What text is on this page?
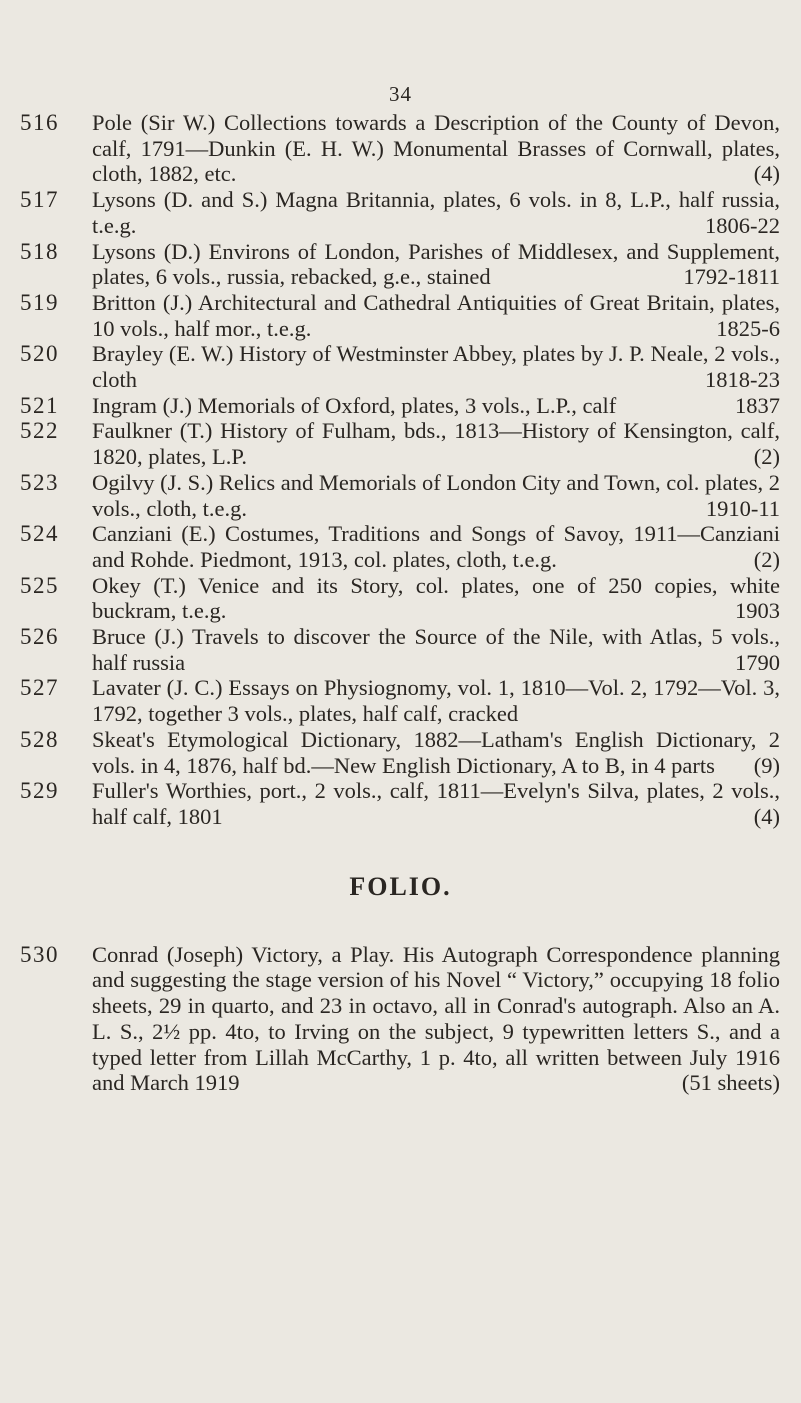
34
516 Pole (Sir W.) Collections towards a Description of the County of Devon, calf, 1791—Dunkin (E. H. W.) Monumental Brasses of Cornwall, plates, cloth, 1882, etc.	(4)
517 Lysons (D. and S.) Magna Britannia, plates, 6 vols. in 8, L.P., half russia, t.e.g.	1806-22
518 Lysons (D.) Environs of London, Parishes of Middlesex, and Supplement, plates, 6 vols., russia, rebacked, g.e., stained	1792-1811
519 Britton (J.) Architectural and Cathedral Antiquities of Great Britain, plates, 10 vols., half mor., t.e.g.	1825-6
520 Brayley (E. W.) History of Westminster Abbey, plates by J. P. Neale, 2 vols., cloth	1818-23
521 Ingram (J.) Memorials of Oxford, plates, 3 vols., L.P., calf	1837
522 Faulkner (T.) History of Fulham, bds., 1813—History of Kensington, calf, 1820, plates, L.P.	(2)
523 Ogilvy (J. S.) Relics and Memorials of London City and Town, col. plates, 2 vols., cloth, t.e.g.	1910-11
524 Canziani (E.) Costumes, Traditions and Songs of Savoy, 1911—Canziani and Rohde. Piedmont, 1913, col. plates, cloth, t.e.g.	(2)
525 Okey (T.) Venice and its Story, col. plates, one of 250 copies, white buckram, t.e.g.	1903
526 Bruce (J.) Travels to discover the Source of the Nile, with Atlas, 5 vols., half russia	1790
527 Lavater (J. C.) Essays on Physiognomy, vol. 1, 1810—Vol. 2, 1792—Vol. 3, 1792, together 3 vols., plates, half calf, cracked
528 Skeat's Etymological Dictionary, 1882—Latham's English Dictionary, 2 vols. in 4, 1876, half bd.—New English Dictionary, A to B, in 4 parts (9)
529 Fuller's Worthies, port., 2 vols., calf, 1811—Evelyn's Silva, plates, 2 vols., half calf, 1801	(4)
FOLIO.
530 Conrad (Joseph) Victory, a Play. His Autograph Correspondence planning and suggesting the stage version of his Novel “ Victory,” occupying 18 folio sheets, 29 in quarto, and 23 in octavo, all in Conrad's autograph. Also an A. L. S., 2½ pp. 4to, to Irving on the subject, 9 typewritten letters S., and a typed letter from Lillah McCarthy, 1 p. 4to, all written between July 1916 and March 1919	(51 sheets)
